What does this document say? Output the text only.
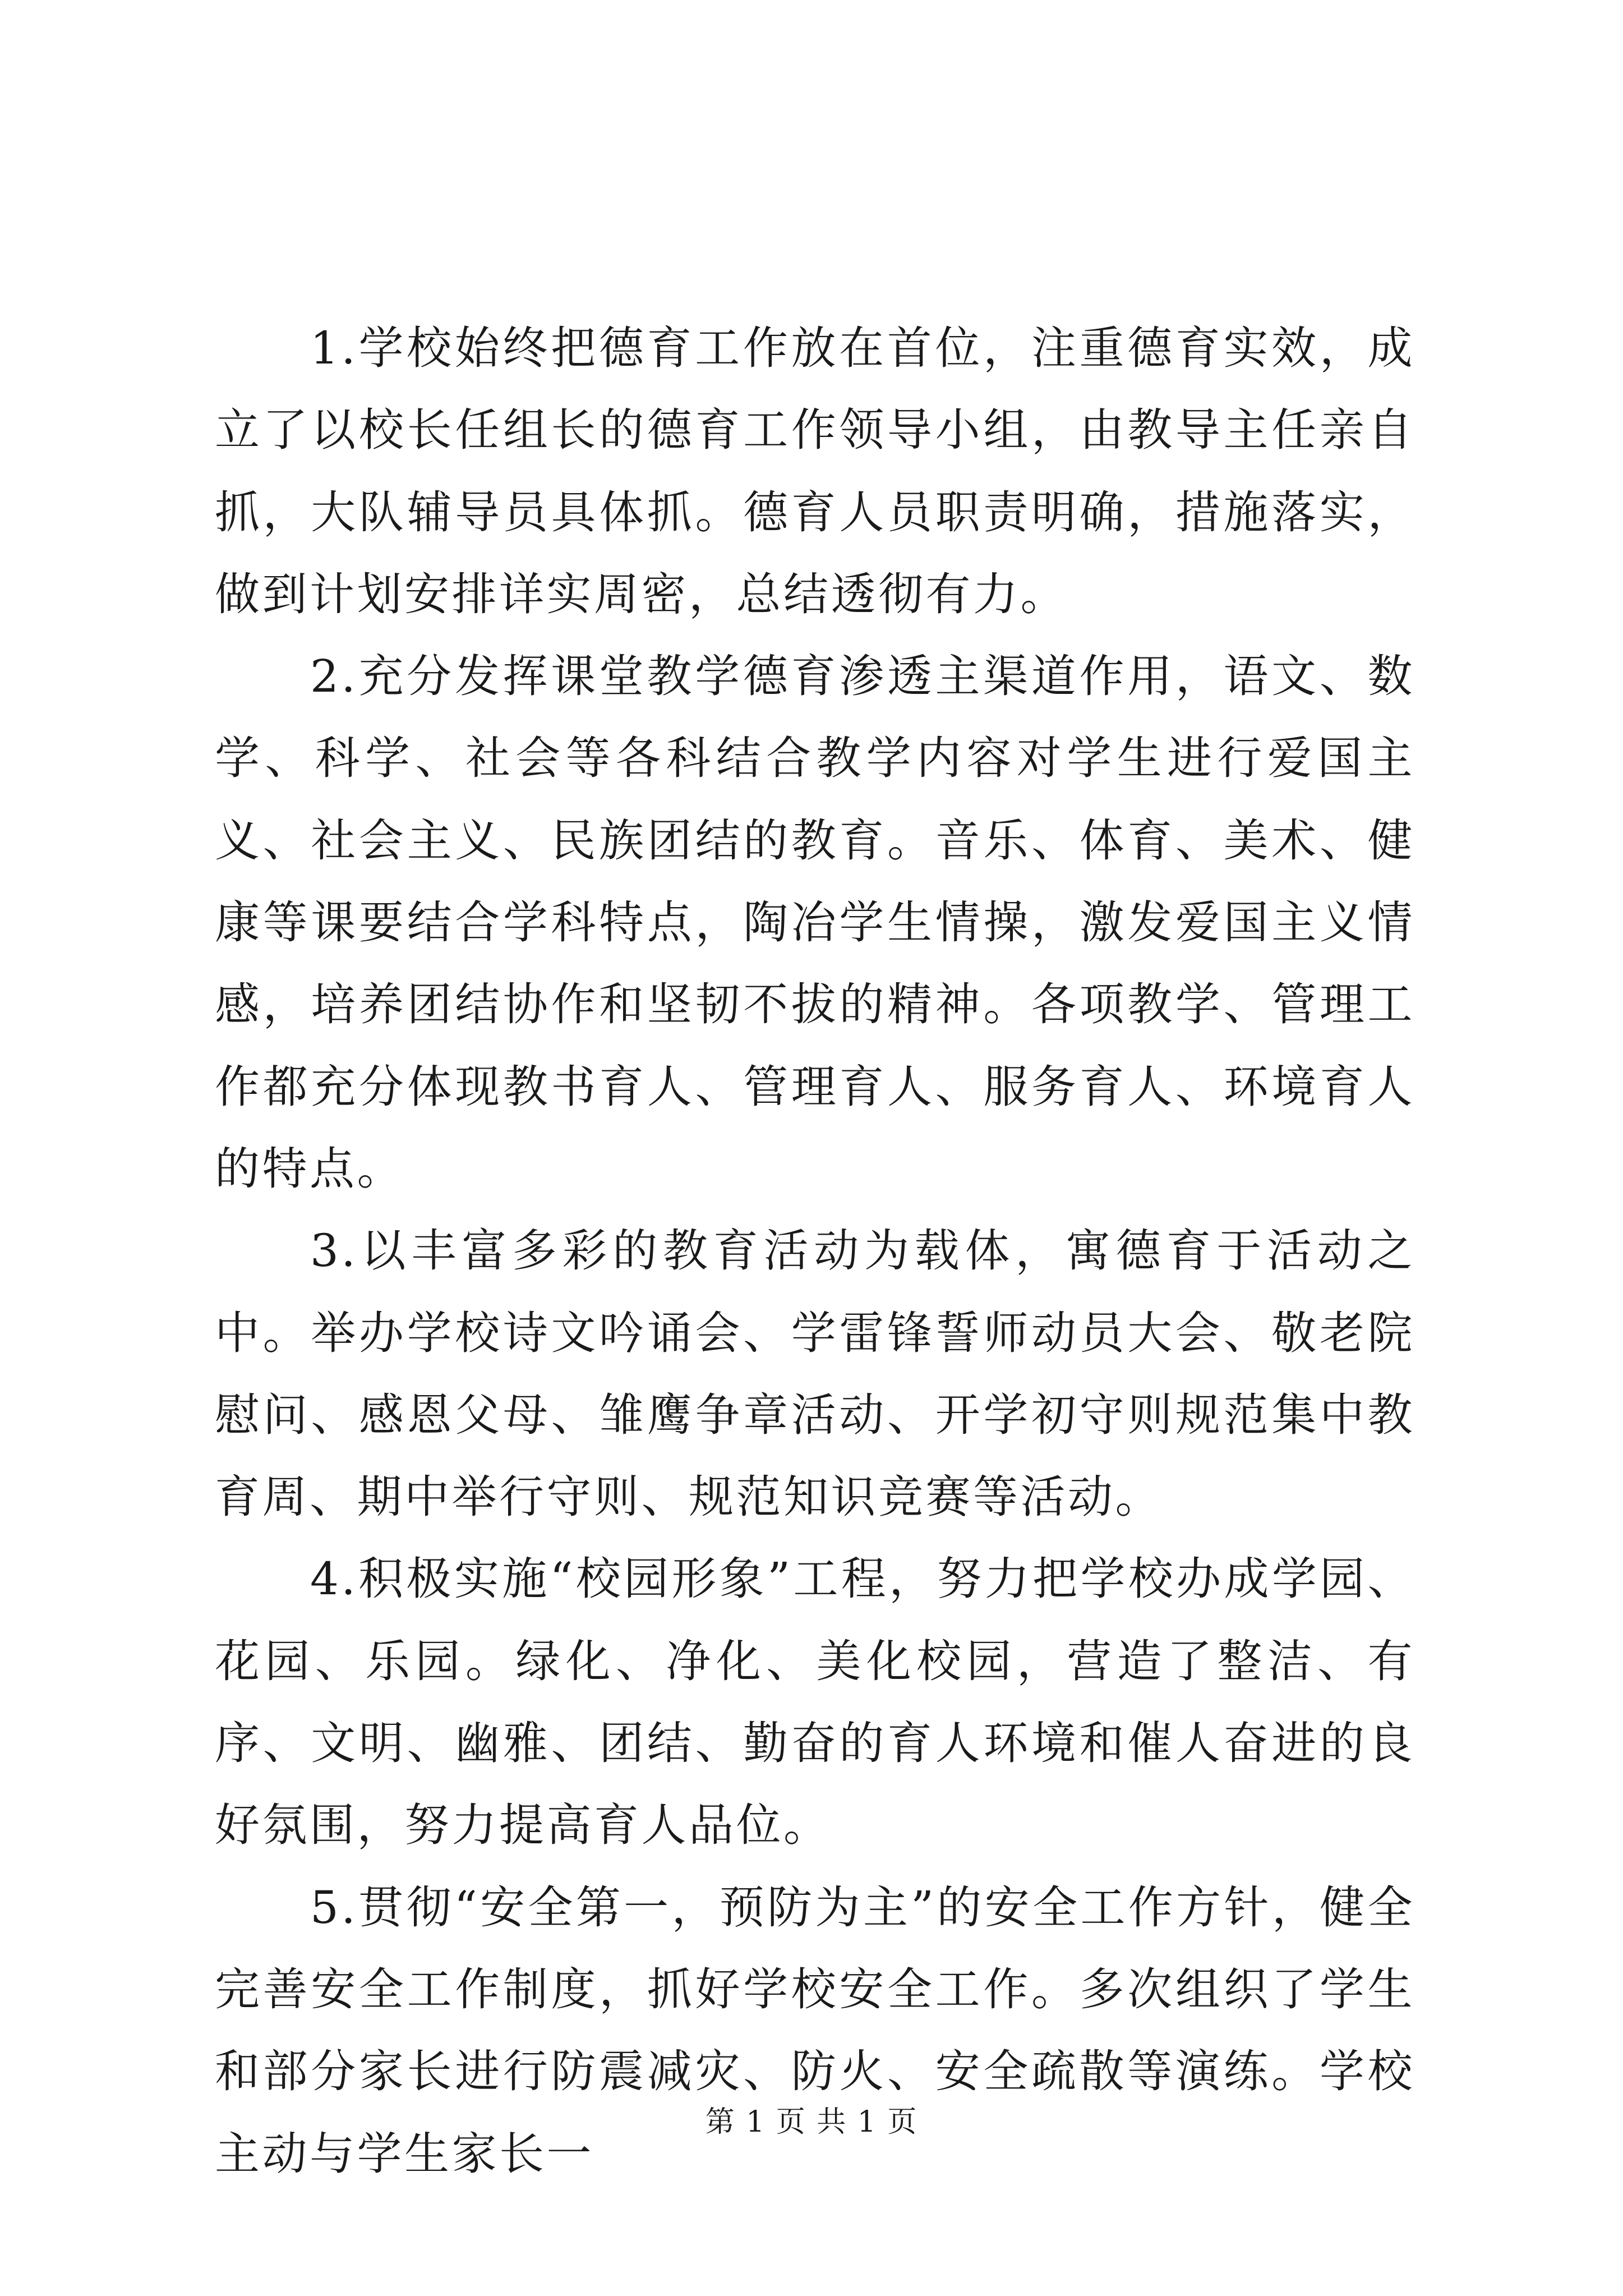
1.学校始终把德育工作放在首位，注重德育实效，成立了以校长任组长的德育工作领导小组，由教导主任亲自抓，大队辅导员具体抓。德育人员职责明确，措施落实，做到计划安排详实周密，总结透彻有力。

2.充分发挥课堂教学德育渗透主渠道作用，语文、数学、科学、社会等各科结合教学内容对学生进行爱国主义、社会主义、民族团结的教育。音乐、体育、美术、健康等课要结合学科特点，陶冶学生情操，激发爱国主义情感，培养团结协作和坚韧不拔的精神。各项教学、管理工作都充分体现教书育人、管理育人、服务育人、环境育人的特点。

3.以丰富多彩的教育活动为载体，寓德育于活动之中。举办学校诗文吟诵会、学雷锋誓师动员大会、敬老院慰问、感恩父母、雏鹰争章活动、开学初守则规范集中教育周、期中举行守则、规范知识竞赛等活动。

4.积极实施“校园形象”工程，努力把学校办成学园、花园、乐园。绿化、净化、美化校园，营造了整洁、有序、文明、幽雅、团结、勤奋的育人环境和催人奋进的良好氛围，努力提高育人品位。

5.贯彻“安全第一，预防为主”的安全工作方针，健全完善安全工作制度，抓好学校安全工作。多次组织了学生和部分家长进行防震减灾、防火、安全疏散等演练。学校主动与学生家长一

第 1 页 共 1 页
